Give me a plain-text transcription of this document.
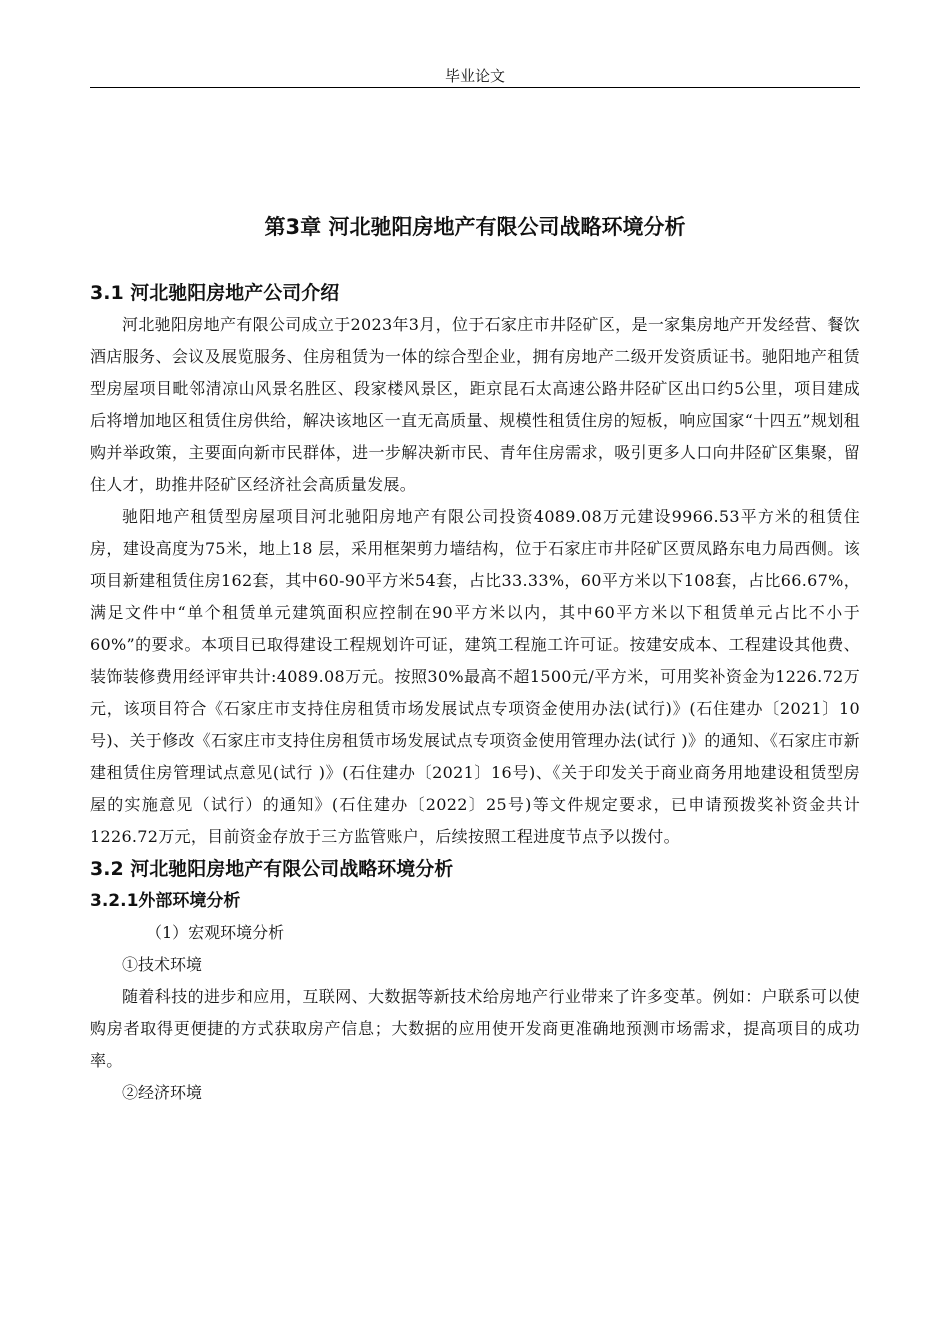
毕业论文
第3章 河北驰阳房地产有限公司战略环境分析

3.1 河北驰阳房地产公司介绍

河北驰阳房地产有限公司成立于2023年3月，位于石家庄市井陉矿区，是一家集房地产开发经营、餐饮酒店服务、会议及展览服务、住房租赁为一体的综合型企业，拥有房地产二级开发资质证书。驰阳地产租赁型房屋项目毗邻清凉山风景名胜区、段家楼风景区，距京昆石太高速公路井陉矿区出口约5公里，项目建成后将增加地区租赁住房供给，解决该地区一直无高质量、规模性租赁住房的短板，响应国家“十四五”规划租购并举政策，主要面向新市民群体，进一步解决新市民、青年住房需求，吸引更多人口向井陉矿区集聚，留住人才，助推井陉矿区经济社会高质量发展。

驰阳地产租赁型房屋项目河北驰阳房地产有限公司投资4089.08万元建设9966.53平方米的租赁住房，建设高度为75米，地上18 层，采用框架剪力墙结构，位于石家庄市井陉矿区贾凤路东电力局西侧。该项目新建租赁住房162套，其中60-90平方米54套，占比33.33%，60平方米以下108套，占比66.67%，满足文件中“单个租赁单元建筑面积应控制在90平方米以内，其中60平方米以下租赁单元占比不小于60%”的要求。本项目已取得建设工程规划许可证，建筑工程施工许可证。按建安成本、工程建设其他费、装饰装修费用经评审共计:4089.08万元。按照30%最高不超1500元/平方米，可用奖补资金为1226.72万元，该项目符合《石家庄市支持住房租赁市场发展试点专项资金使用办法(试行)》(石住建办〔2021〕10号)、关于修改《石家庄市支持住房租赁市场发展试点专项资金使用管理办法(试行 )》的通知、《石家庄市新建租赁住房管理试点意见(试行 )》(石住建办〔2021〕16号)、《关于印发关于商业商务用地建设租赁型房屋的实施意见（试行）的通知》(石住建办〔2022〕25号)等文件规定要求，已申请预拨奖补资金共计1226.72万元，目前资金存放于三方监管账户，后续按照工程进度节点予以拨付。

3.2 河北驰阳房地产有限公司战略环境分析

3.2.1外部环境分析

（1）宏观环境分析

①技术环境

随着科技的进步和应用，互联网、大数据等新技术给房地产行业带来了许多变革。例如：户联系可以使购房者取得更便捷的方式获取房产信息；大数据的应用使开发商更准确地预测市场需求，提高项目的成功率。

②经济环境
